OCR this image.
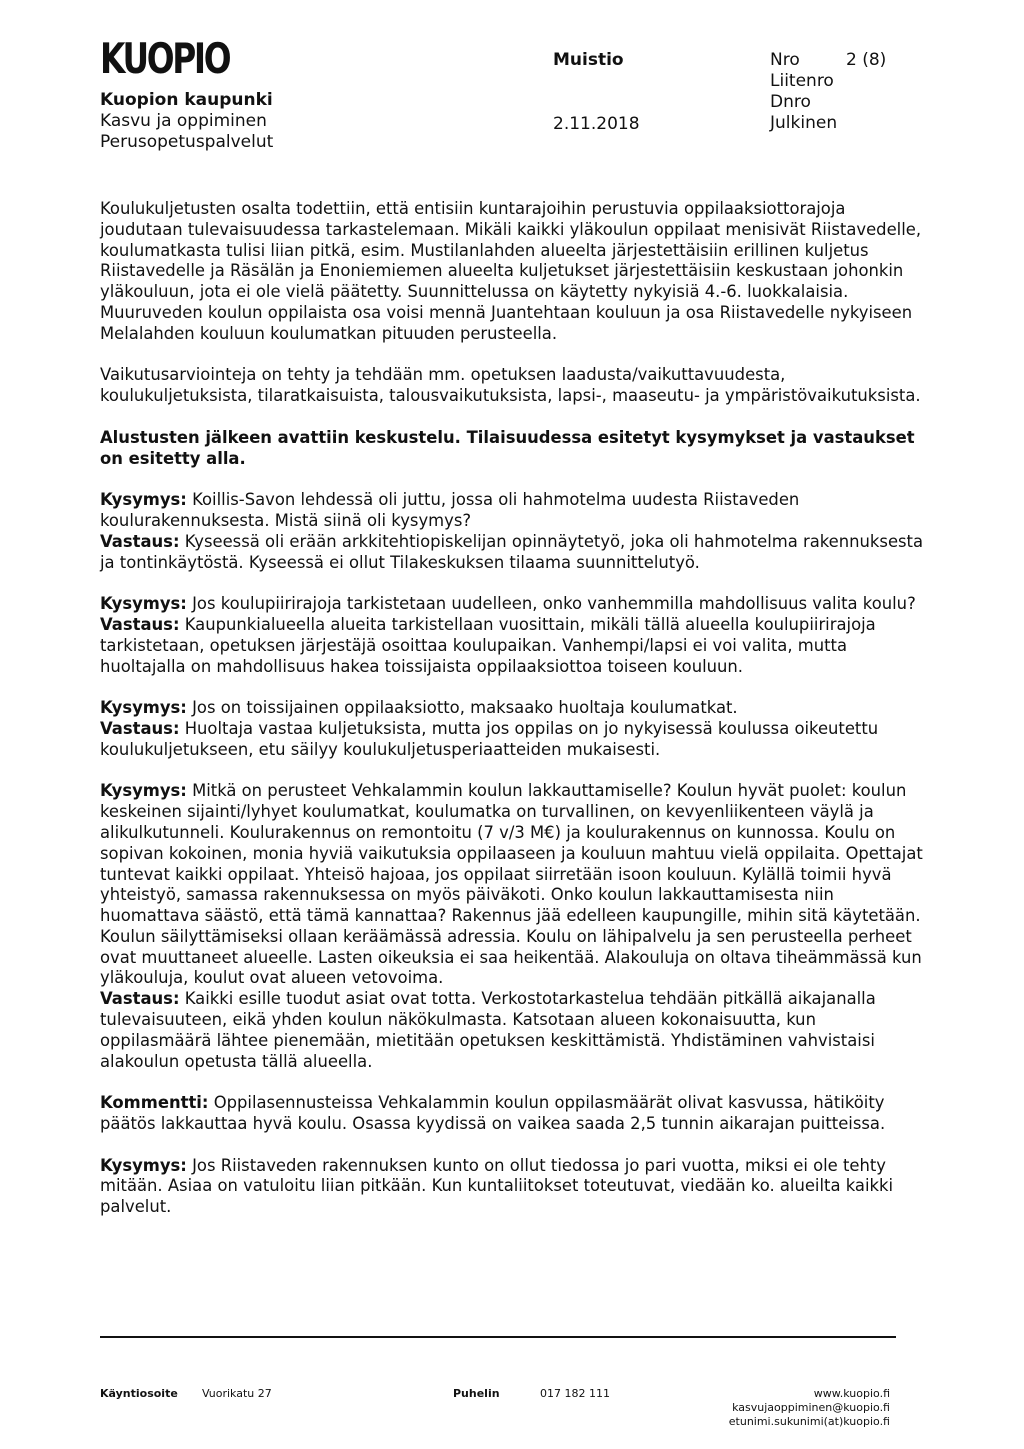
KUOPIO
Kuopion kaupunki
Kasvu ja oppiminen
Perusopetuspalvelut
Muistio
2.11.2018
Nro
Liitenro
Dnro
Julkinen
2 (8)

Koulukuljetusten osalta todettiin, että entisiin kuntarajoihin perustuvia oppilaaksiottorajoja joudutaan tulevaisuudessa tarkastelemaan. Mikäli kaikki yläkoulun oppilaat menisivät Riistavedelle, koulumatkasta tulisi liian pitkä, esim. Mustilanlahden alueelta järjestettäisiin erillinen kuljetus Riistavedelle ja Räsälän ja Enoniemiemen alueelta kuljetukset järjestettäisiin keskustaan johonkin yläkouluun, jota ei ole vielä päätetty. Suunnittelussa on käytetty nykyisiä 4.-6. luokkalaisia. Muuruveden koulun oppilaista osa voisi mennä Juantehtaan kouluun ja osa Riistavedelle nykyiseen Melalahden kouluun koulumatkan pituuden perusteella.

Vaikutusarviointeja on tehty ja tehdään mm. opetuksen laadusta/vaikuttavuudesta, koulukuljetuksista, tilaratkaisuista, talousvaikutuksista, lapsi-, maaseutu- ja ympäristövaikutuksista.

Alustusten jälkeen avattiin keskustelu. Tilaisuudessa esitetyt kysymykset ja vastaukset on esitetty alla.

Kysymys: Koillis-Savon lehdessä oli juttu, jossa oli hahmotelma uudesta Riistaveden koulurakennuksesta. Mistä siinä oli kysymys?
Vastaus: Kyseessä oli erään arkkitehtiopiskelijan opinnäytetyö, joka oli hahmotelma rakennuksesta ja tontinkäytöstä. Kyseessä ei ollut Tilakeskuksen tilaama suunnittelutyö.

Kysymys: Jos koulupiirirajoja tarkistetaan uudelleen, onko vanhemmilla mahdollisuus valita koulu?
Vastaus: Kaupunkialueella alueita tarkistellaan vuosittain, mikäli tällä alueella koulupiirirajoja tarkistetaan, opetuksen järjestäjä osoittaa koulupaikan. Vanhempi/lapsi ei voi valita, mutta huoltajalla on mahdollisuus hakea toissijaista oppilaaksiottoa toiseen kouluun.

Kysymys: Jos on toissijainen oppilaaksiotto, maksaako huoltaja koulumatkat.
Vastaus: Huoltaja vastaa kuljetuksista, mutta jos oppilas on jo nykyisessä koulussa oikeutettu koulukuljetukseen, etu säilyy koulukuljetusperiaatteiden mukaisesti.

Kysymys: Mitkä on perusteet Vehkalammin koulun lakkauttamiselle? Koulun hyvät puolet: koulun keskeinen sijainti/lyhyet koulumatkat, koulumatka on turvallinen, on kevyenliikenteen väylä ja alikulkutunneli. Koulurakennus on remontoitu (7 v/3 M€) ja koulurakennus on kunnossa. Koulu on sopivan kokoinen, monia hyviä vaikutuksia oppilaaseen ja kouluun mahtuu vielä oppilaita. Opettajat tuntevat kaikki oppilaat. Yhteisö hajoaa, jos oppilaat siirretään isoon kouluun. Kylällä toimii hyvä yhteistyö, samassa rakennuksessa on myös päiväkoti. Onko koulun lakkauttamisesta niin huomattava säästö, että tämä kannattaa? Rakennus jää edelleen kaupungille, mihin sitä käytetään. Koulun säilyttämiseksi ollaan keräämässä adressia. Koulu on lähipalvelu ja sen perusteella perheet ovat muuttaneet alueelle. Lasten oikeuksia ei saa heikentää. Alakouluja on oltava tiheämmässä kun yläkouluja, koulut ovat alueen vetovoima.
Vastaus: Kaikki esille tuodut asiat ovat totta. Verkostotarkastelua tehdään pitkällä aikajanalla tulevaisuuteen, eikä yhden koulun näkökulmasta. Katsotaan alueen kokonaisuutta, kun oppilasmäärä lähtee pienemään, mietitään opetuksen keskittämistä. Yhdistäminen vahvistaisi alakoulun opetusta tällä alueella.

Kommentti: Oppilasennusteissa Vehkalammin koulun oppilasmäärät olivat kasvussa, hätiköity päätös lakkauttaa hyvä koulu. Osassa kyydissä on vaikea saada 2,5 tunnin aikarajan puitteissa.

Kysymys: Jos Riistaveden rakennuksen kunto on ollut tiedossa jo pari vuotta, miksi ei ole tehty mitään. Asiaa on vatuloitu liian pitkään. Kun kuntaliitokset toteutuvat, viedään ko. alueilta kaikki palvelut.

Käyntiosoite Vuorikatu 27	Puhelin	017 182 111	www.kuopio.fi
kasvujaoppiminen@kuopio.fi
etunimi.sukunimi(at)kuopio.fi
